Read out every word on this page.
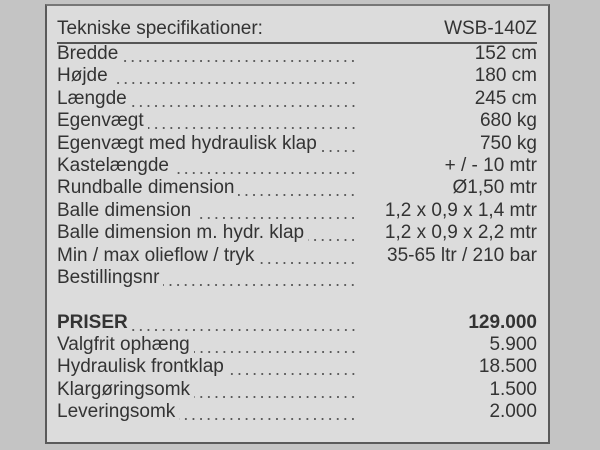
Tekniske specifikationer:	WSB-140Z
Bredde	152 cm
Højde	180 cm
Længde	245 cm
Egenvægt	680 kg
Egenvægt med hydraulisk klap	750 kg
Kastelængde	+ / - 10 mtr
Rundballe dimension	Ø1,50 mtr
Balle dimension	1,2 x 0,9 x 1,4 mtr
Balle dimension m. hydr. klap	1,2 x 0,9 x 2,2 mtr
Min / max olieflow / tryk	35-65 ltr / 210 bar
Bestillingsnr
PRISER	129.000
Valgfrit ophæng	5.900
Hydraulisk frontklap	18.500
Klargøringsomk	1.500
Leveringsomk	2.000
